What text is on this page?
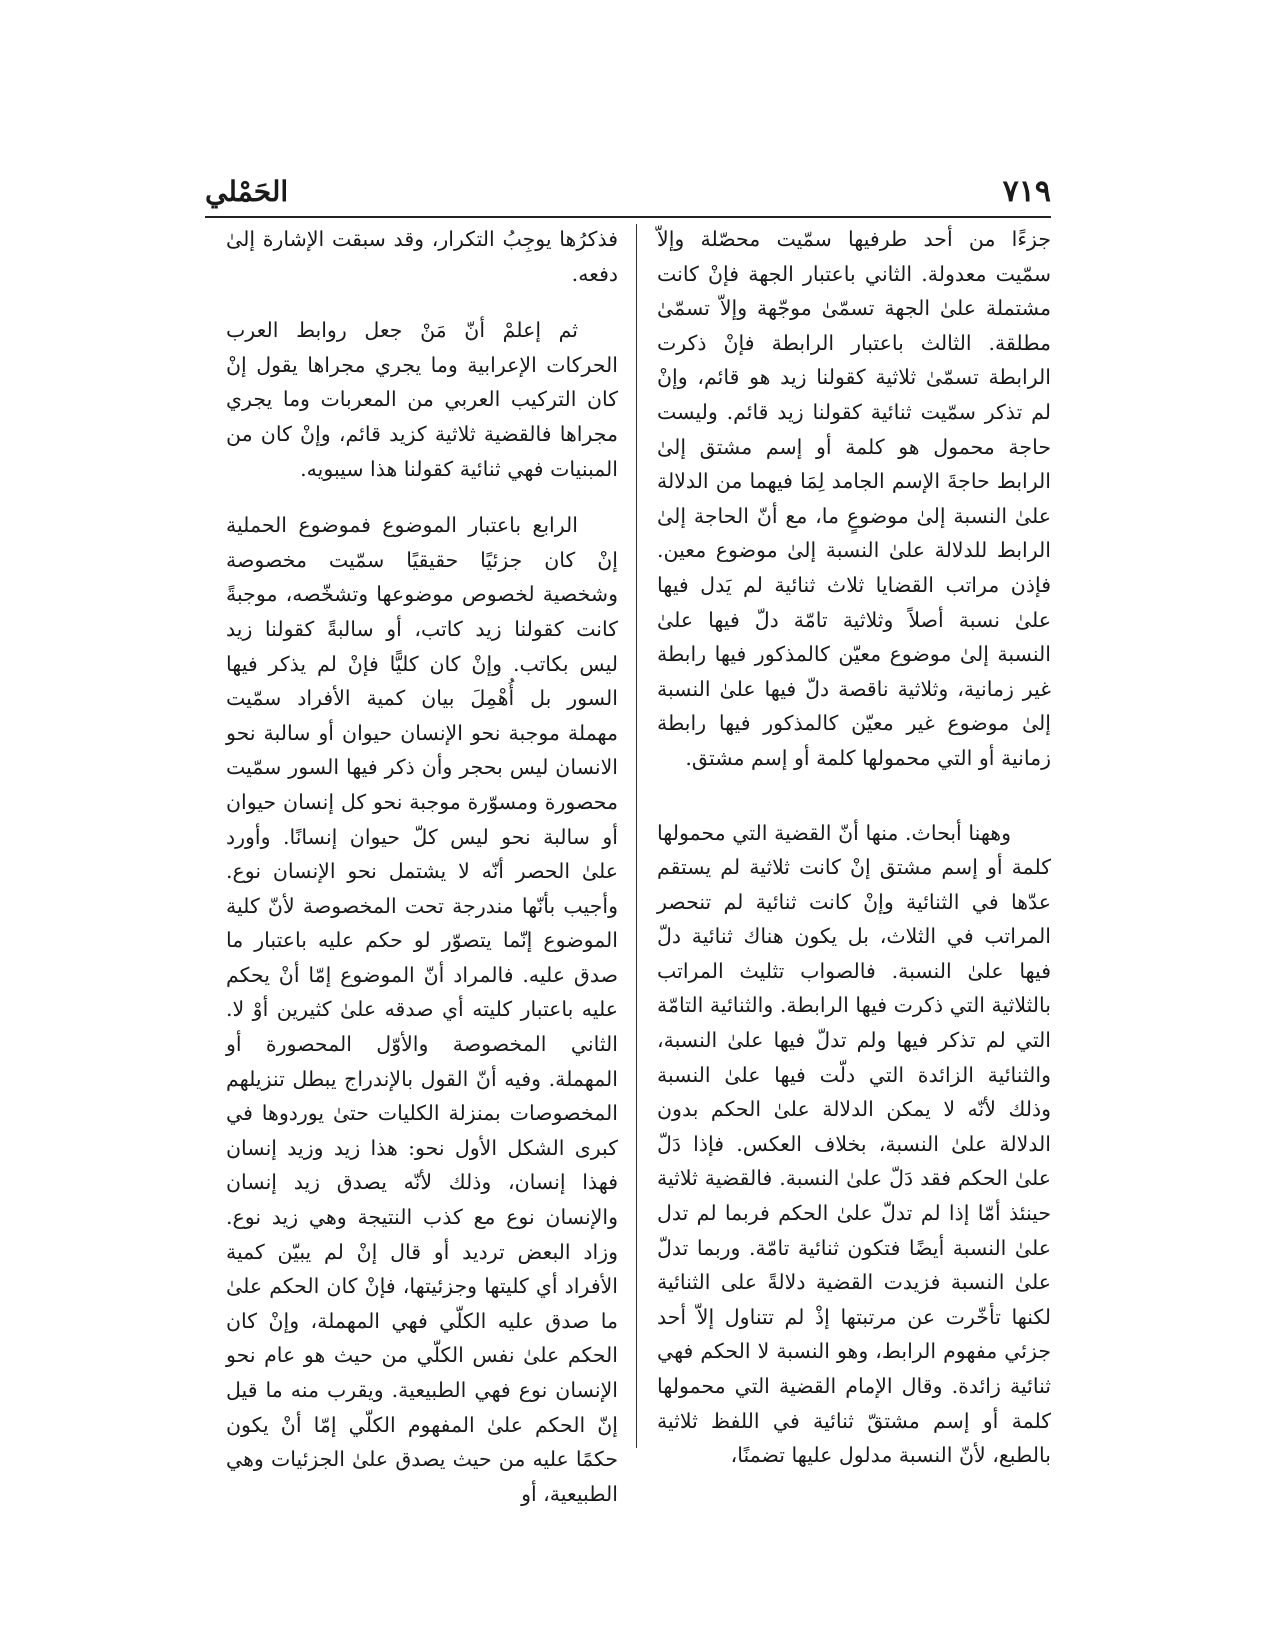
٧١٩
الحَمْلي

جزءًا من أحد طرفيها سمّيت محصّلة وإلاّ سمّيت معدولة. الثاني باعتبار الجهة فإنْ كانت مشتملة علىٰ الجهة تسمّىٰ موجّهة وإلاّ تسمّىٰ مطلقة. الثالث باعتبار الرابطة فإنْ ذكرت الرابطة تسمّىٰ ثلاثية كقولنا زيد هو قائم، وإنْ لم تذكر سمّيت ثنائية كقولنا زيد قائم. وليست حاجة محمول هو كلمة أو إسم مشتق إلىٰ الرابط حاجةَ الإسم الجامد لِمَا فيهما من الدلالة علىٰ النسبة إلىٰ موضوعٍ ما، مع أنّ الحاجة إلىٰ الرابط للدلالة علىٰ النسبة إلىٰ موضوع معين. فإذن مراتب القضايا ثلاث ثنائية لم يَدل فيها علىٰ نسبة أصلاً وثلاثية تامّة دلّ فيها علىٰ النسبة إلىٰ موضوع معيّن كالمذكور فيها رابطة غير زمانية، وثلاثية ناقصة دلّ فيها علىٰ النسبة إلىٰ موضوع غير معيّن كالمذكور فيها رابطة زمانية أو التي محمولها كلمة أو إسم مشتق.

وههنا أبحاث. منها أنّ القضية التي محمولها كلمة أو إسم مشتق إنْ كانت ثلاثية لم يستقم عدّها في الثنائية وإنْ كانت ثنائية لم تنحصر المراتب في الثلاث، بل يكون هناك ثنائية دلّ فيها علىٰ النسبة. فالصواب تثليث المراتب بالثلاثية التي ذكرت فيها الرابطة. والثنائية التامّة التي لم تذكر فيها ولم تدلّ فيها علىٰ النسبة، والثنائية الزائدة التي دلّت فيها علىٰ النسبة وذلك لأنّه لا يمكن الدلالة علىٰ الحكم بدون الدلالة علىٰ النسبة، بخلاف العكس. فإذا دَلّ علىٰ الحكم فقد دَلّ علىٰ النسبة. فالقضية ثلاثية حينئذ أمّا إذا لم تدلّ علىٰ الحكم فربما لم تدل علىٰ النسبة أيضًا فتكون ثنائية تامّة. وربما تدلّ علىٰ النسبة فزيدت القضية دلالةً على الثنائية لكنها تأخّرت عن مرتبتها إذْ لم تتناول إلاّ أحد جزئي مفهوم الرابط، وهو النسبة لا الحكم فهي ثنائية زائدة. وقال الإمام القضية التي محمولها كلمة أو إسم مشتقّ ثنائية في اللفظ ثلاثية بالطبع، لأنّ النسبة مدلول عليها تضمنًا،

فذكرُها يوجِبُ التكرار، وقد سبقت الإشارة إلىٰ دفعه.

ثم إعلمْ أنّ مَنْ جعل روابط العرب الحركات الإعرابية وما يجري مجراها يقول إنْ كان التركيب العربي من المعربات وما يجري مجراها فالقضية ثلاثية كزيد قائم، وإنْ كان من المبنيات فهي ثنائية كقولنا هذا سيبويه.

الرابع باعتبار الموضوع فموضوع الحملية إنْ كان جزئيًا حقيقيًا سمّيت مخصوصة وشخصية لخصوص موضوعها وتشخّصه، موجبةً كانت كقولنا زيد كاتب، أو سالبةً كقولنا زيد ليس بكاتب. وإنْ كان كليًّا فإنْ لم يذكر فيها السور بل أُهْمِلَ بيان كمية الأفراد سمّيت مهملة موجبة نحو الإنسان حيوان أو سالبة نحو الانسان ليس بحجر وأن ذكر فيها السور سمّيت محصورة ومسوّرة موجبة نحو كل إنسان حيوان أو سالبة نحو ليس كلّ حيوان إنسانًا. وأورد علىٰ الحصر أنّه لا يشتمل نحو الإنسان نوع. وأجيب بأنّها مندرجة تحت المخصوصة لأنّ كلية الموضوع إنّما يتصوّر لو حكم عليه باعتبار ما صدق عليه. فالمراد أنّ الموضوع إمّا أنْ يحكم عليه باعتبار كليته أي صدقه علىٰ كثيرين أوْ لا. الثاني المخصوصة والأوّل المحصورة أو المهملة. وفيه أنّ القول بالإندراج يبطل تنزيلهم المخصوصات بمنزلة الكليات حتىٰ يوردوها في كبرى الشكل الأول نحو: هذا زيد وزيد إنسان فهذا إنسان، وذلك لأنّه يصدق زيد إنسان والإنسان نوع مع كذب النتيجة وهي زيد نوع. وزاد البعض ترديد أو قال إنْ لم يبيّن كمية الأفراد أي كليتها وجزئيتها، فإنْ كان الحكم علىٰ ما صدق عليه الكلّي فهي المهملة، وإنْ كان الحكم علىٰ نفس الكلّي من حيث هو عام نحو الإنسان نوع فهي الطبيعية. ويقرب منه ما قيل إنّ الحكم علىٰ المفهوم الكلّي إمّا أنْ يكون حكمًا عليه من حيث يصدق علىٰ الجزئيات وهي الطبيعية، أو
